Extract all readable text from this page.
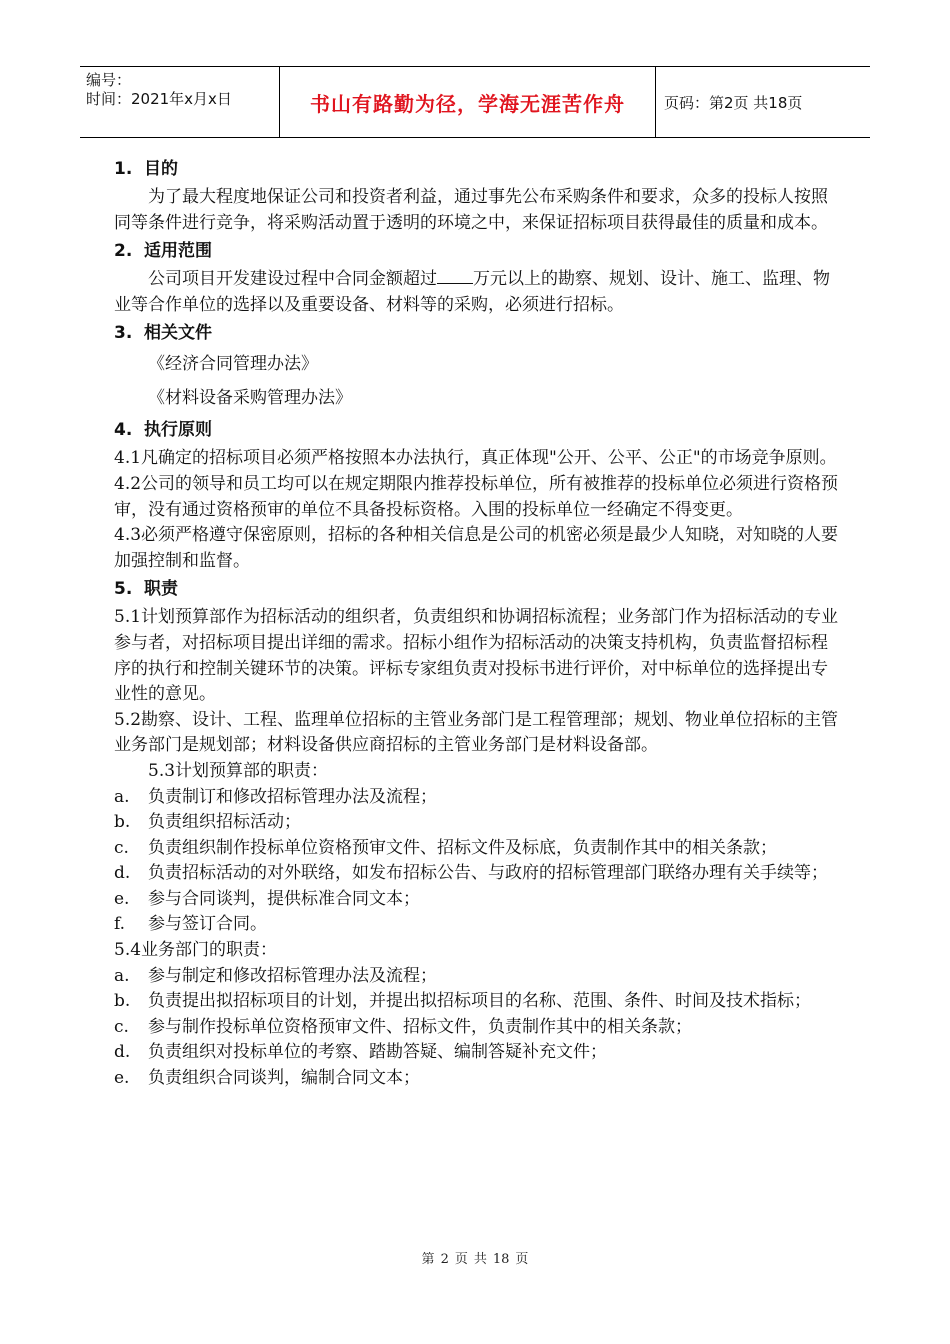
编号：
时间：2021年x月x日	书山有路勤为径，学海无涯苦作舟	页码：第2页 共18页
1. 目的

为了最大程度地保证公司和投资者利益，通过事先公布采购条件和要求，众多的投标人按照同等条件进行竞争，将采购活动置于透明的环境之中，来保证招标项目获得最佳的质量和成本。

2. 适用范围

公司项目开发建设过程中合同金额超过 万元以上的勘察、规划、设计、施工、监理、物业等合作单位的选择以及重要设备、材料等的采购，必须进行招标。

3. 相关文件

《经济合同管理办法》

《材料设备采购管理办法》

4. 执行原则

4.1凡确定的招标项目必须严格按照本办法执行，真正体现"公开、公平、公正"的市场竞争原则。

4.2公司的领导和员工均可以在规定期限内推荐投标单位，所有被推荐的投标单位必须进行资格预审，没有通过资格预审的单位不具备投标资格。入围的投标单位一经确定不得变更。

4.3必须严格遵守保密原则，招标的各种相关信息是公司的机密必须是最少人知晓，对知晓的人要加强控制和监督。

5. 职责

5.1计划预算部作为招标活动的组织者，负责组织和协调招标流程；业务部门作为招标活动的专业参与者，对招标项目提出详细的需求。招标小组作为招标活动的决策支持机构，负责监督招标程序的执行和控制关键环节的决策。评标专家组负责对投标书进行评价，对中标单位的选择提出专业性的意见。

5.2勘察、设计、工程、监理单位招标的主管业务部门是工程管理部；规划、物业单位招标的主管业务部门是规划部；材料设备供应商招标的主管业务部门是材料设备部。

5.3计划预算部的职责：

a.	负责制订和修改招标管理办法及流程；
b.	负责组织招标活动；
c.	负责组织制作投标单位资格预审文件、招标文件及标底，负责制作其中的相关条款；
d.	负责招标活动的对外联络，如发布招标公告、与政府的招标管理部门联络办理有关手续等；
e.	参与合同谈判，提供标准合同文本；
f.	参与签订合同。

5.4业务部门的职责：

a.	参与制定和修改招标管理办法及流程；
b.	负责提出拟招标项目的计划，并提出拟招标项目的名称、范围、条件、时间及技术指标；
c.	参与制作投标单位资格预审文件、招标文件，负责制作其中的相关条款；
d.	负责组织对投标单位的考察、踏勘答疑、编制答疑补充文件；
e.	负责组织合同谈判，编制合同文本；
第 2 页 共 18 页
